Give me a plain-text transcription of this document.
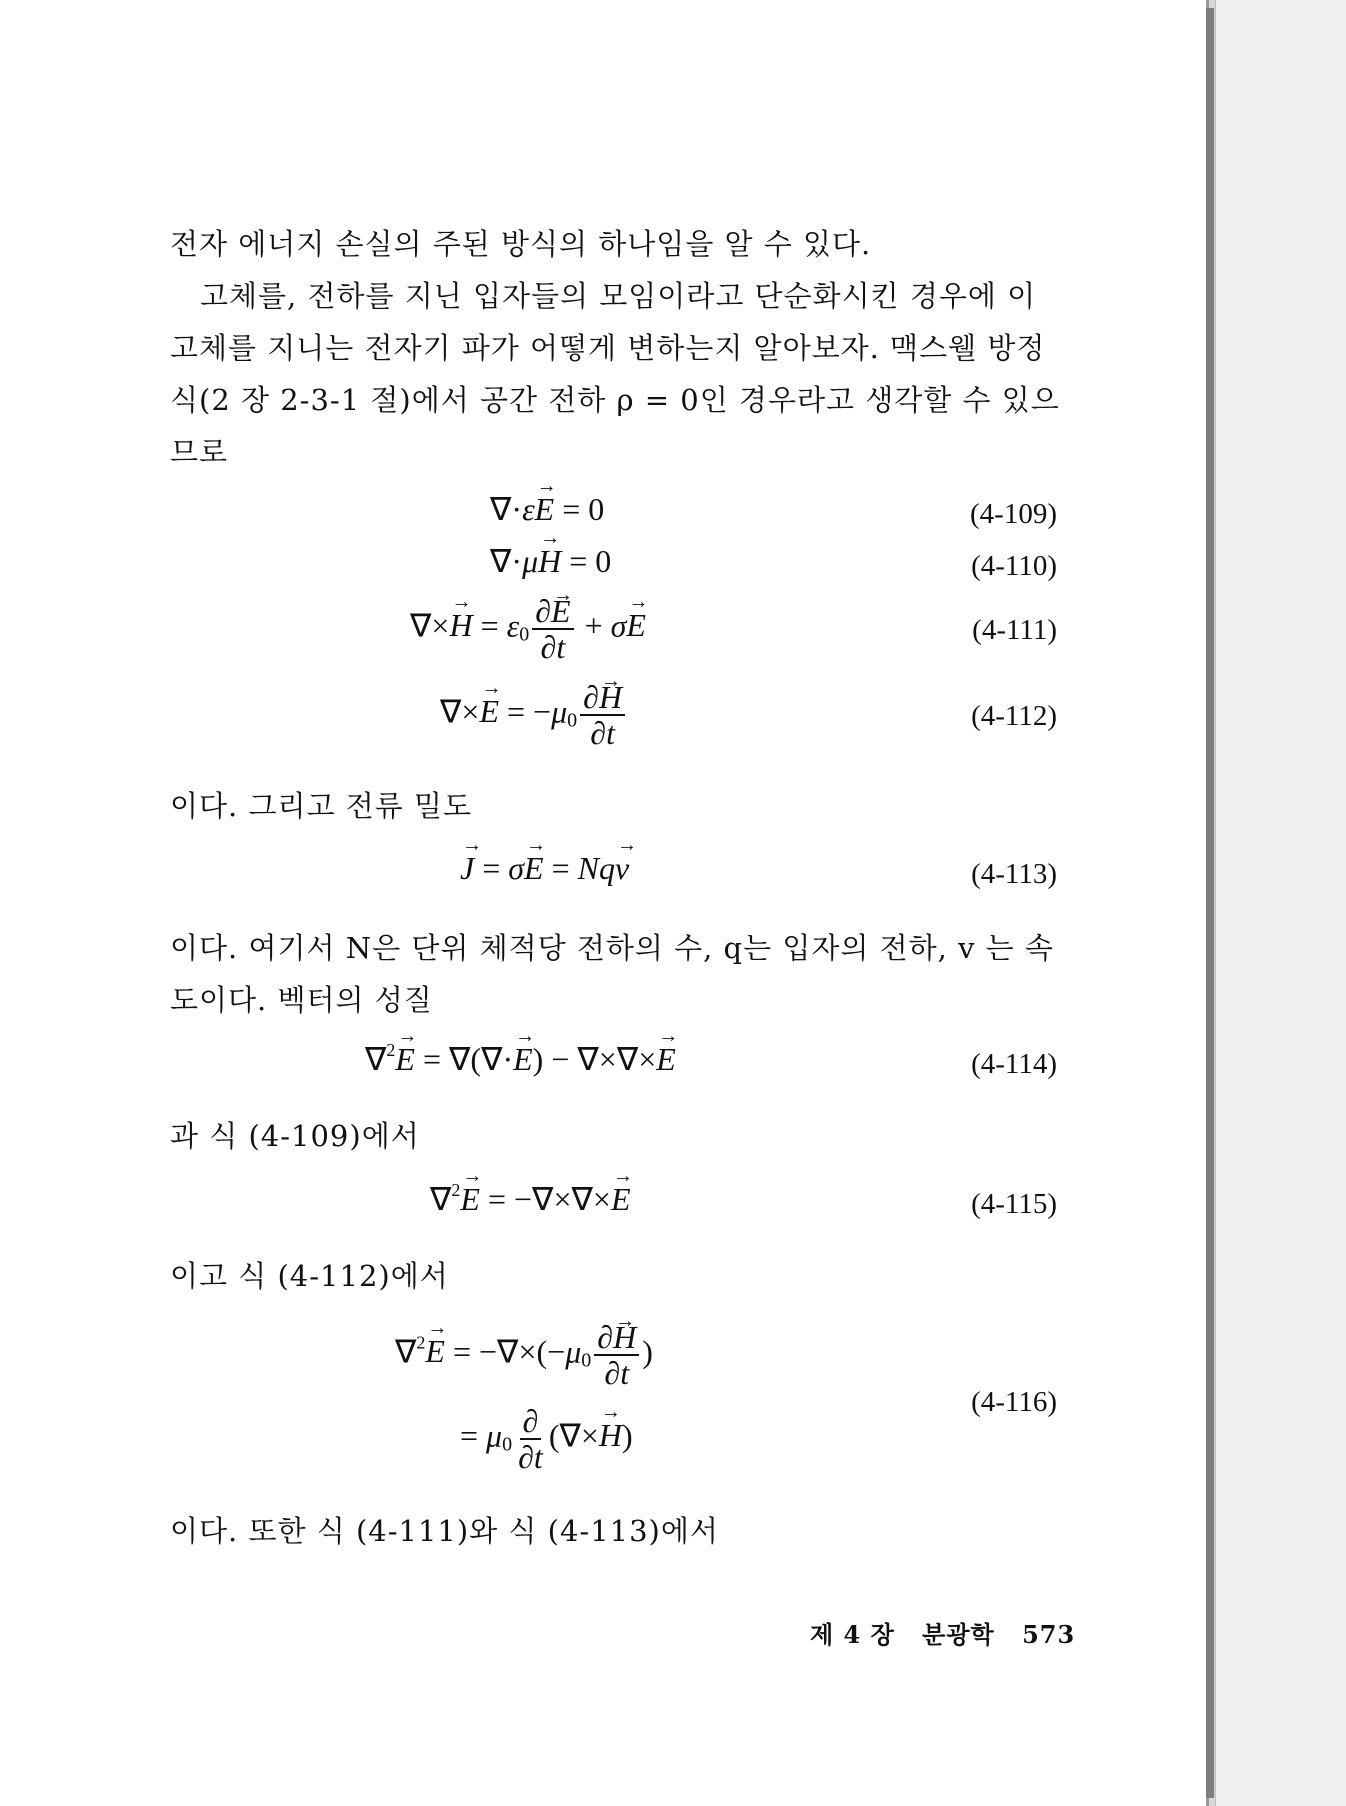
전자 에너지 손실의 주된 방식의 하나임을 알 수 있다.
고체를, 전하를 지닌 입자들의 모임이라고 단순화시킨 경우에 이 고체를 지니는 전자기 파가 어떻게 변하는지 알아보자. 맥스웰 방정식(2 장 2-3-1 절)에서 공간 전하 ρ = 0인 경우라고 생각할 수 있으므로
∇·ε→ E = 0	(4-109)
∇·μ→ H = 0	(4-110)
∇×→ $H = \varepsilon_0 \frac{\partial\to E}{\partial t} + \sigma\to E$	(4-111)
∇×→ $E = -\mu_0 \frac{\partial\to H}{\partial t}$	(4-112)
이다. 그리고 전류 밀도
→ J = σ→ E = Nq→ v	(4-113)
이다. 여기서 N은 단위 체적당 전하의 수, q는 입자의 전하, v 는 속도이다. 벡터의 성질
∇$^2$→ E = ∇(∇·→ E) − ∇×∇×→ E	(4-114)
과 식 (4-109)에서
∇$^2$→ E = −∇×∇×→ E	(4-115)
이고 식 (4-112)에서
$\nabla^2\to E = -\nabla\times(-\mu_0 \frac{\partial\to H}{\partial t}$ )
= $\mu_0 \frac{\partial}{\partial t}$ (∇×→ H)
(4-116)
이다. 또한 식 (4-111)와 식 (4-113)에서
제 4 장 분광학 573
